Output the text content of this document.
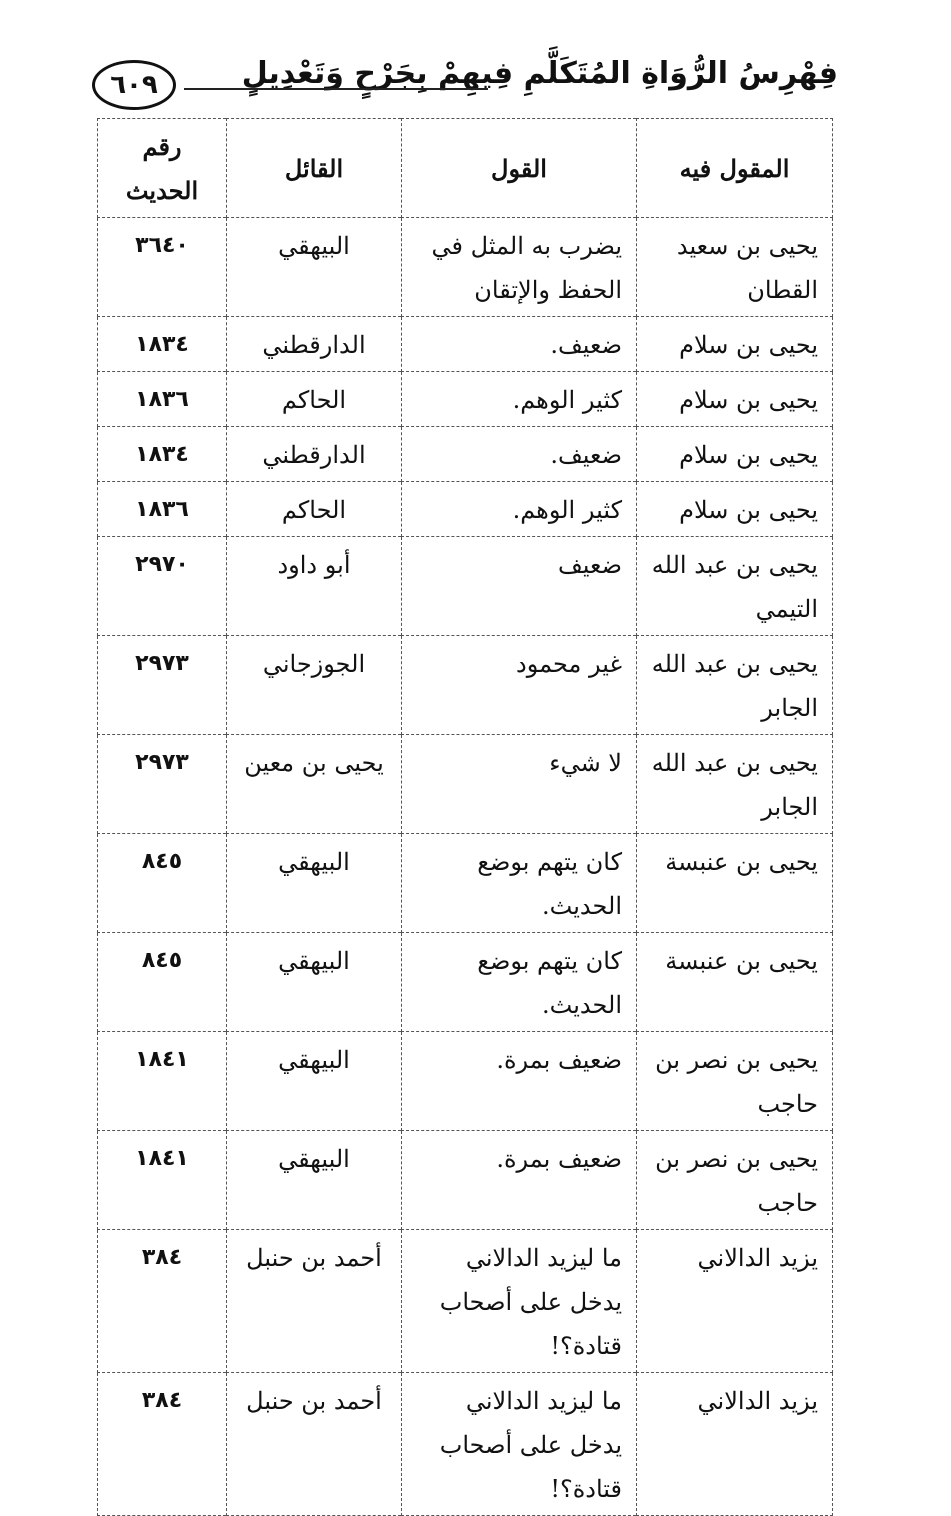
فِهْرِسُ الرُّوَاةِ المُتَكَلَّمِ فِيهِمْ بِجَرْحٍ وَتَعْدِيلٍ
٦٠٩
المقول فيه	القول	القائل	رقم الحديث
يحيى بن سعيد القطان	يضرب به المثل في الحفظ والإتقان	البيهقي	٣٦٤٠
يحيى بن سلام	ضعيف.	الدارقطني	١٨٣٤
يحيى بن سلام	كثير الوهم.	الحاكم	١٨٣٦
يحيى بن سلام	ضعيف.	الدارقطني	١٨٣٤
يحيى بن سلام	كثير الوهم.	الحاكم	١٨٣٦
يحيى بن عبد الله التيمي	ضعيف	أبو داود	٢٩٧٠
يحيى بن عبد الله الجابر	غير محمود	الجوزجاني	٢٩٧٣
يحيى بن عبد الله الجابر	لا شيء	يحيى بن معين	٢٩٧٣
يحيى بن عنبسة	كان يتهم بوضع الحديث.	البيهقي	٨٤٥
يحيى بن عنبسة	كان يتهم بوضع الحديث.	البيهقي	٨٤٥
يحيى بن نصر بن حاجب	ضعيف بمرة.	البيهقي	١٨٤١
يحيى بن نصر بن حاجب	ضعيف بمرة.	البيهقي	١٨٤١
يزيد الدالاني	ما ليزيد الدالاني يدخل على أصحاب قتادة؟!	أحمد بن حنبل	٣٨٤
يزيد الدالاني	ما ليزيد الدالاني يدخل على أصحاب قتادة؟!	أحمد بن حنبل	٣٨٤
